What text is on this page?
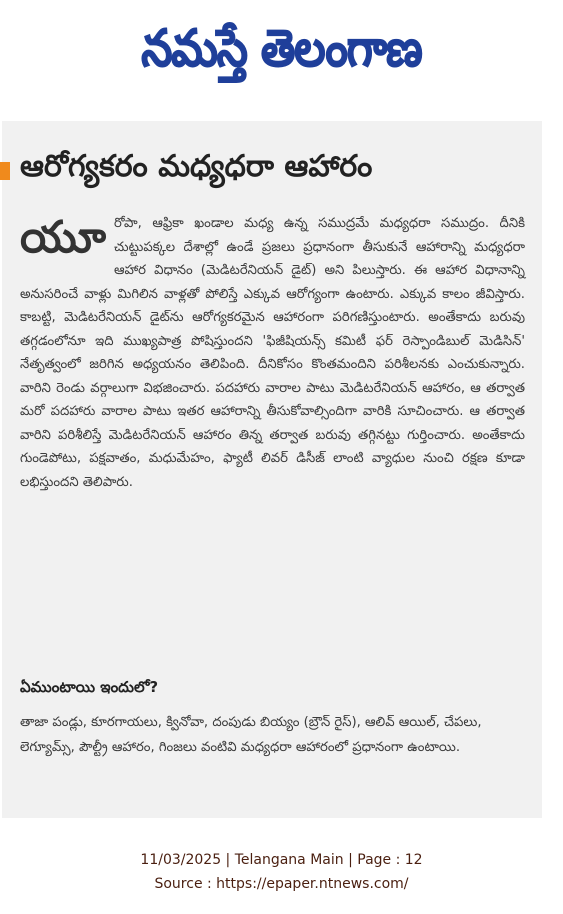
నమస్తే తెలంగాణ
ఆరోగ్యకరం మధ్యధరా ఆహారం
యూ రోపా, ఆఫ్రికా ఖండాల మధ్య ఉన్న సముద్రమే మధ్యధరా సముద్రం. దీనికి చుట్టుపక్కల దేశాల్లో ఉండే ప్రజలు ప్రధానంగా తీసుకునే ఆహారాన్ని మధ్యధరా ఆహార విధానం (మెడిటరేనియన్ డైట్) అని పిలుస్తారు. ఈ ఆహార విధానాన్ని అనుసరించే వాళ్లు మిగిలిన వాళ్లతో పోలిస్తే ఎక్కువ ఆరోగ్యంగా ఉంటారు. ఎక్కువ కాలం జీవిస్తారు. కాబట్టి, మెడిటరేనియన్ డైట్‌ను ఆరోగ్యకరమైన ఆహారంగా పరిగణిస్తుంటారు. అంతేకాదు బరువు తగ్గడంలోనూ ఇది ముఖ్యపాత్ర పోషిస్తుందని 'ఫిజీషియన్స్ కమిటీ ఫర్ రెస్పాండిబుల్ మెడిసిన్' నేతృత్వంలో జరిగిన అధ్యయనం తెలిపింది. దీనికోసం కొంతమందిని పరిశీలనకు ఎంచుకున్నారు. వారిని రెండు వర్గాలుగా విభజించారు. పదహారు వారాల పాటు మెడిటరేనియన్ ఆహారం, ఆ తర్వాత మరో పదహారు వారాల పాటు ఇతర ఆహారాన్ని తీసుకోవాల్సిందిగా వారికి సూచించారు. ఆ తర్వాత వారిని పరిశీలిస్తే మెడిటరేనియన్ ఆహారం తిన్న తర్వాత బరువు తగ్గినట్టు గుర్తించారు. అంతేకాదు గుండెపోటు, పక్షవాతం, మధుమేహం, ఫ్యాటీ లివర్ డిసీజ్ లాంటి వ్యాధుల నుంచి రక్షణ కూడా లభిస్తుందని తెలిపారు.

ఏముంటాయి ఇందులో?

తాజా పండ్లు, కూరగాయలు, క్వినోవా, దంపుడు బియ్యం (బ్రౌన్ రైస్), ఆలివ్ ఆయిల్, చేపలు, లెగ్యూమ్స్, పౌల్ట్రీ ఆహారం, గింజలు వంటివి మధ్యధరా ఆహారంలో ప్రధానంగా ఉంటాయి.

11/03/2025 | Telangana Main | Page : 12
Source : https://epaper.ntnews.com/
